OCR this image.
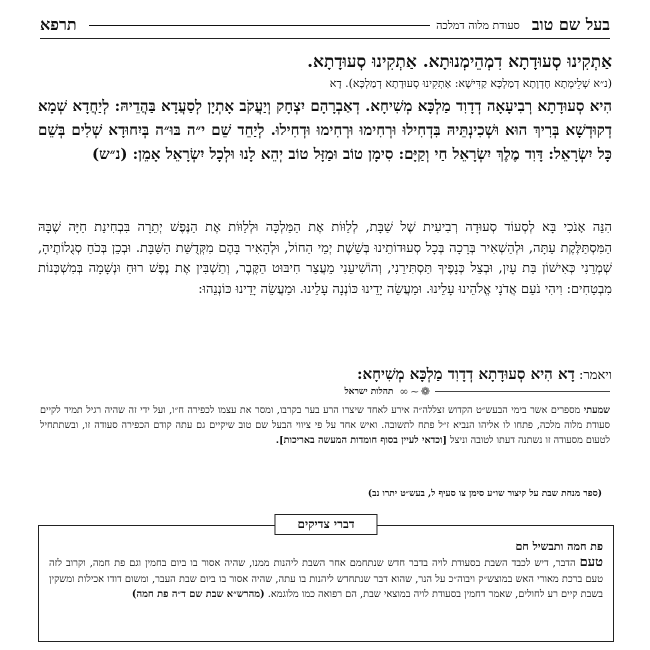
בעל שם טוב
סעודת מלוה דמלכה
תרפא
אַתְקִינוּ סְעוּדָתָא דִמְהֵימְנוּתָא. אַתְקִינוּ סְעוּדָתָא.
(נ״א שְׁלֵימְתָא חֶדְוָתָא דְמַלְכָּא קַדִּישָׁא: אַתְקִינוּ סְעוּדָתָא דְמַלְכָּא). דָא
הִיא סְעוּדָתָא רְבִיעָאָה דְדָוִד מַלְכָּא מְשִׁיחָא. דְאַבְרָהָם יִצְחָק וְיַעֲקֹב אָתְיָן לְסַעֲדָא בַּהֲדֵיהּ: לְיַחֲדָא שְׁמָא דְקוּדְשָׁא בְּרִיךְ הוּא וּשְׁכִינְתֵּיהּ בִּדְחִילוּ וּרְחִימוּ וּרְחִימוּ וּדְחִילוּ. לְיַחֵד שֵׁם י״ה בּוּ״ה בְּיִחוּדָא שְׁלִים בְּשֵׁם כָּל יִשְׂרָאֵל: דָּוִד מֶלֶךְ יִשְׂרָאֵל חַי וְקַיָּם: סִימָן טוֹב וּמַזָּל טוֹב יְהֵא לָנוּ וּלְכָל יִשְׂרָאֵל אָמֵן: (נ״ש)
הִנֵּה אָנֹכִי בָּא לְסְעוֹד סְעוּדָה רְבִיעִית שֶׁל שַׁבָּת, לְלַוּוֹת אֶת הַמַּלְכָּה וּלְלַוּוֹת אֶת הַנֶּפֶשׁ יְתֵרָה בִּבְחִינַת חַיָּה שֶׁבָּהּ הַמִּסְתַּלֶּקֶת עַתָּה, וּלְהַשְׁאִיר בְּרָכָה בְּכָל סְעוּדוֹתֵינוּ בְּשֵׁשֶׁת יְמֵי הַחוֹל, וּלְהָאִיר בָּהֶם מִקְּדֻשַּׁת הַשַּׁבָּת. וּבְכֵן בְּכֹחַ סְגֻלוֹתֶיהָ, שְׁמְרֵנִי כְּאִישׁוֹן בַּת עָיִן, וּבְצֵל כְּנָפֶיךָ תַּסְתִּירֵנִי, וְהוֹשִׁיעֵנִי מֵעֲצַר חִיבּוּט הַקֶּבֶר, וְתַשְׁבִּין אֶת נֶפֶשׁ רוּחַ וּנְשָׁמָה בְּמִשְׁכְּנוֹת מִבְטַחִים: וִיהִי נֹעַם אֲדֹנָי אֱלֹהֵינוּ עָלֵינוּ. וּמַעֲשֵׂה יָדֵינוּ כּוֹנְנָה עָלֵינוּ. וּמַעֲשֵׂה יָדֵינוּ כּוֹנְנֵהוּ:
ויאמר: דָא הִיא סְעוּדָתָא דְדָוִד מַלְכָּא מְשִׁיחָא:
❁︎ ~ ∞
תהלות ישראל
שמעתי מספרים אשר בימי הבעש״ט הקדוש זצללה״ה אירע לאחד שיצרו הרע בער בקרבו, ומסר את עצמו לכפירה ח״ו, ועל ידי זה שהיה רגיל תמיד לקיים סעודת מלוה מלכה, פתחו לו אליהו הנביא ז״ל פתח לתשובה. ואיש אחד על פי ציווי הבעל שם טוב שיקיים גם עתה קודם הכפירה סעודה זו, ובשתתחיל לטעום מסעודה זו נשתנה דעתו לטובה וניצל [וכדאי לעיין בסוף חומדות המעשה באריכות].
(ספר מנחת שבת על קיצור שו״ע סימן צו סעיף ל, בעש״ט יתרו נב)
דברי צדיקים
פת חמה ותבשיל חם
טעם הדבר, דיש לכבד השבת בסעודת לויה בדבר חדש שנתחמם אחר השבת ליהנות ממנו, שהיה אסור בו ביום בחמין וגם פת חמה, וקרוב לזה טעם ברכת מאורי האש במוצש״ק ויבוה״כ על הנר, שהוא דבר שנתחדש ליהנות בו עתה, שהיה אסור בו ביום שבת העבר, ומשום דודו אכילות ומשקין בשבת קיים רע לחולים, שאמר דחמין בסעודת לויה במוצאי שבת, הם רפואה כמו מלוגמא. (מהרש״א שבת שם ד״ה פת חמה)
